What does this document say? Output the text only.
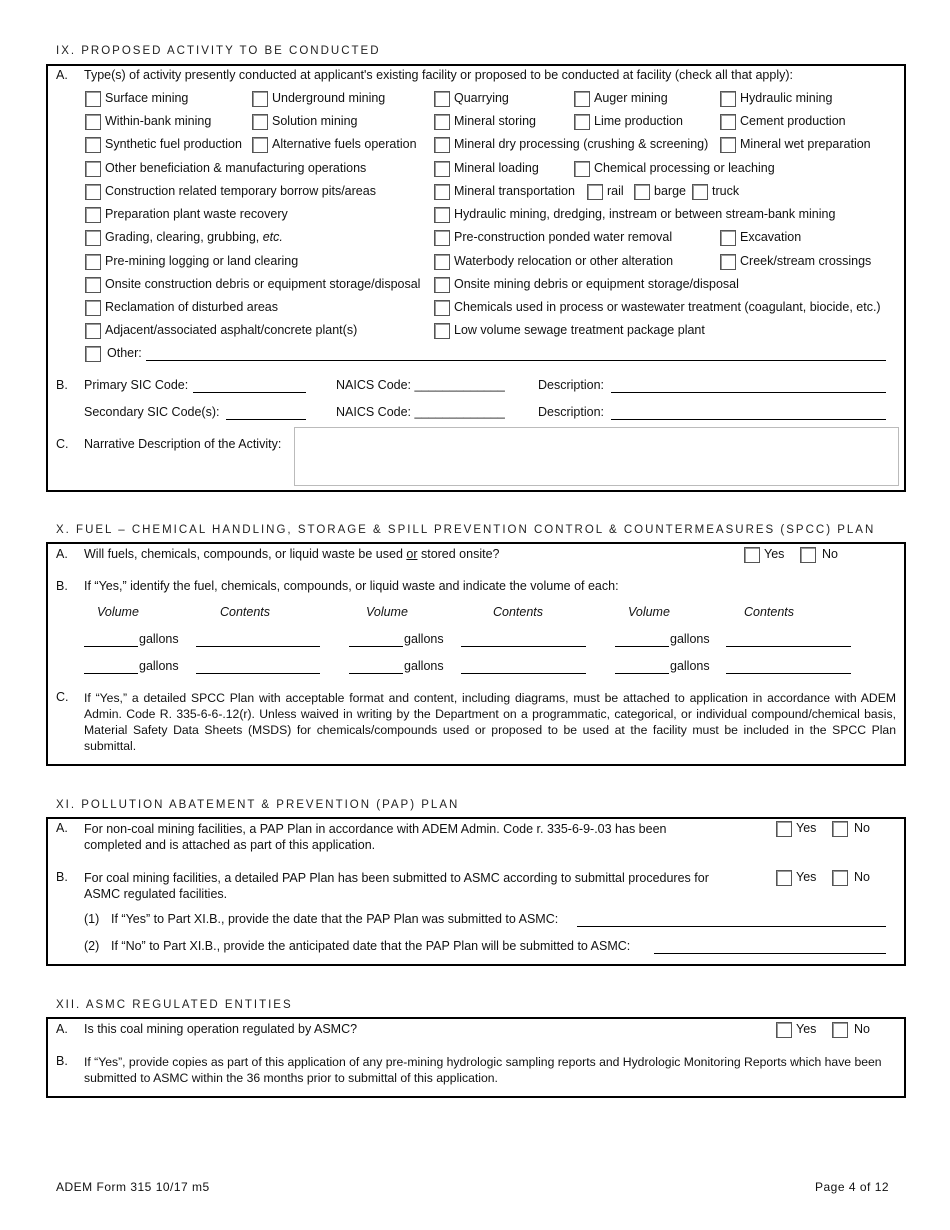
IX. PROPOSED ACTIVITY TO BE CONDUCTED
A. Type(s) of activity presently conducted at applicant's existing facility or proposed to be conducted at facility (check all that apply):
Surface mining	Underground mining	Quarrying	Auger mining	Hydraulic mining
Within-bank mining	Solution mining	Mineral storing	Lime production	Cement production
Synthetic fuel production Alternative fuels operation	Mineral dry processing (crushing & screening)	Mineral wet preparation
Other beneficiation & manufacturing operations	Mineral loading	Chemical processing or leaching
Construction related temporary borrow pits/areas	Mineral transportation	rail barge truck
Preparation plant waste recovery	Hydraulic mining, dredging, instream or between stream-bank mining
Grading, clearing, grubbing, etc.	Pre-construction ponded water removal	Excavation
Pre-mining logging or land clearing	Waterbody relocation or other alteration	Creek/stream crossings
Onsite construction debris or equipment storage/disposal	Onsite mining debris or equipment storage/disposal
Reclamation of disturbed areas	Chemicals used in process or wastewater treatment (coagulant, biocide, etc.)
Adjacent/associated asphalt/concrete plant(s)	Low volume sewage treatment package plant
Other:
B. Primary SIC Code:	NAICS Code: _____________	Description:
Secondary SIC Code(s):	NAICS Code: _____________	Description:
C. Narrative Description of the Activity:
X. FUEL – CHEMICAL HANDLING, STORAGE & SPILL PREVENTION CONTROL & COUNTERMEASURES (SPCC) PLAN
A. Will fuels, chemicals, compounds, or liquid waste be used or stored onsite?	Yes	No
B. If “Yes,” identify the fuel, chemicals, compounds, or liquid waste and indicate the volume of each:
Volume	Contents	Volume	Contents	Volume	Contents
gallons	gallons	gallons
gallons	gallons	gallons
C. If “Yes,” a detailed SPCC Plan with acceptable format and content, including diagrams, must be attached to application in accordance with ADEM Admin. Code R. 335-6-6-.12(r). Unless waived in writing by the Department on a programmatic, categorical, or individual compound/chemical basis, Material Safety Data Sheets (MSDS) for chemicals/compounds used or proposed to be used at the facility must be included in the SPCC Plan submittal.
XI. POLLUTION ABATEMENT & PREVENTION (PAP) PLAN
A. For non-coal mining facilities, a PAP Plan in accordance with ADEM Admin. Code r. 335-6-9-.03 has been completed and is attached as part of this application.
Yes	No
B. For coal mining facilities, a detailed PAP Plan has been submitted to ASMC according to submittal procedures for ASMC regulated facilities.
Yes	No
(1) If “Yes” to Part XI.B., provide the date that the PAP Plan was submitted to ASMC:
(2) If “No” to Part XI.B., provide the anticipated date that the PAP Plan will be submitted to ASMC:
XII. ASMC REGULATED ENTITIES
A. Is this coal mining operation regulated by ASMC?	Yes	No
B. If “Yes”, provide copies as part of this application of any pre-mining hydrologic sampling reports and Hydrologic Monitoring Reports which have been submitted to ASMC within the 36 months prior to submittal of this application.
ADEM Form 315 10/17 m5	Page 4 of 12
